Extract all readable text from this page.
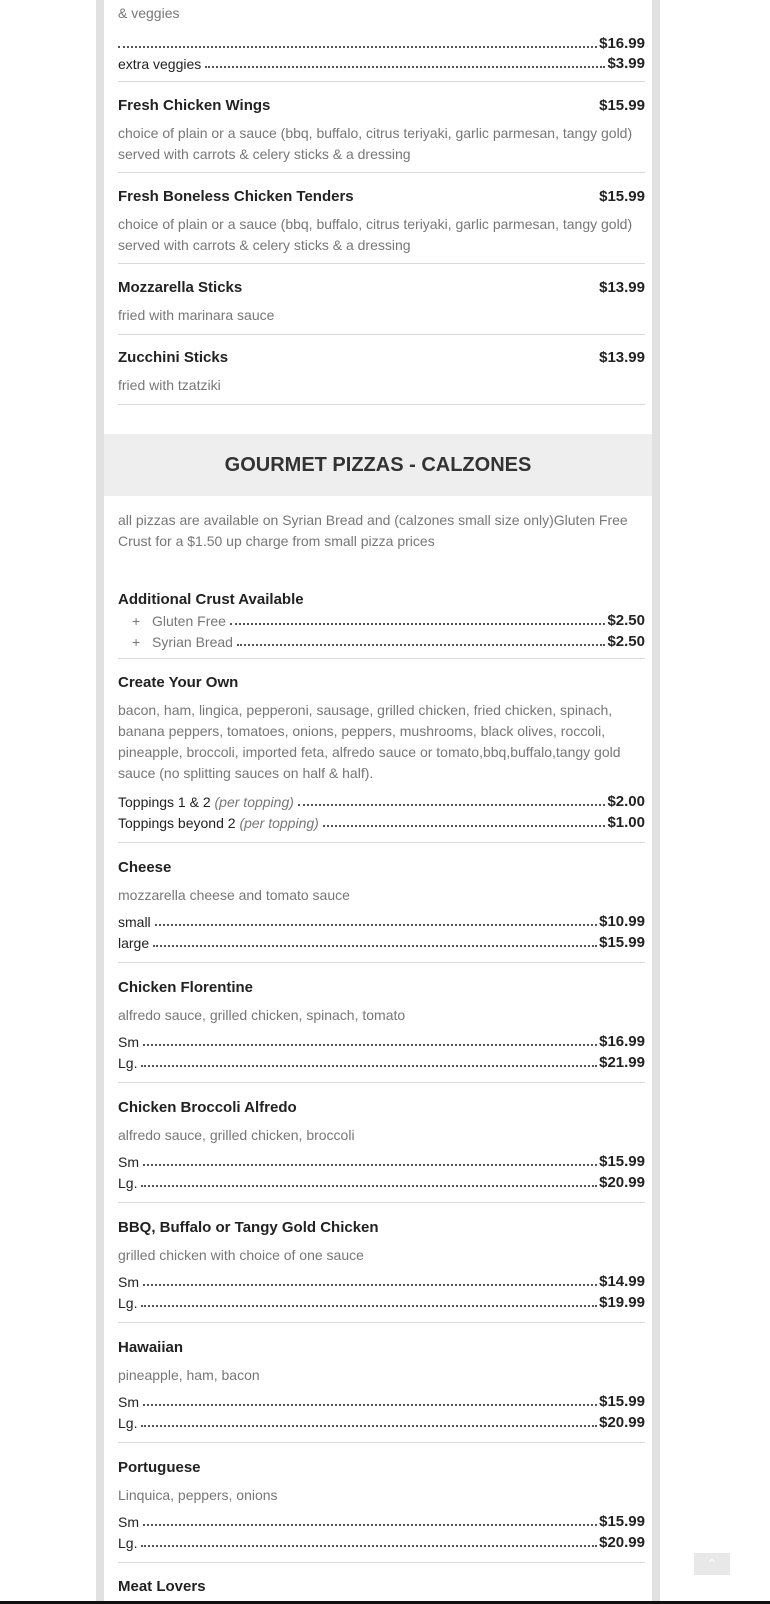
& veggies
$16.99
extra veggies	$3.99
Fresh Chicken Wings	$15.99
choice of plain or a sauce (bbq, buffalo, citrus teriyaki, garlic parmesan, tangy gold) served with carrots & celery sticks & a dressing
Fresh Boneless Chicken Tenders	$15.99
choice of plain or a sauce (bbq, buffalo, citrus teriyaki, garlic parmesan, tangy gold) served with carrots & celery sticks & a dressing
Mozzarella Sticks	$13.99
fried with marinara sauce
Zucchini Sticks	$13.99
fried with tzatziki
GOURMET PIZZAS - CALZONES
all pizzas are available on Syrian Bread and (calzones small size only)Gluten Free Crust for a $1.50 up charge from small pizza prices
Additional Crust Available
+ Gluten Free	$2.50
+ Syrian Bread	$2.50
Create Your Own
bacon, ham, lingica, pepperoni, sausage, grilled chicken, fried chicken, spinach, banana peppers, tomatoes, onions, peppers, mushrooms, black olives, roccoli, pineapple, broccoli, imported feta, alfredo sauce or tomato,bbq,buffalo,tangy gold sauce (no splitting sauces on half & half).
Toppings 1 & 2 (per topping)	$2.00
Toppings beyond 2 (per topping)	$1.00
Cheese
mozzarella cheese and tomato sauce
small	$10.99
large	$15.99
Chicken Florentine
alfredo sauce, grilled chicken, spinach, tomato
Sm	$16.99
Lg.	$21.99
Chicken Broccoli Alfredo
alfredo sauce, grilled chicken, broccoli
Sm	$15.99
Lg.	$20.99
BBQ, Buffalo or Tangy Gold Chicken
grilled chicken with choice of one sauce
Sm	$14.99
Lg.	$19.99
Hawaiian
pineapple, ham, bacon
Sm	$15.99
Lg.	$20.99
Portuguese
Linquica, peppers, onions
Sm	$15.99
Lg.	$20.99
Meat Lovers
⌃
